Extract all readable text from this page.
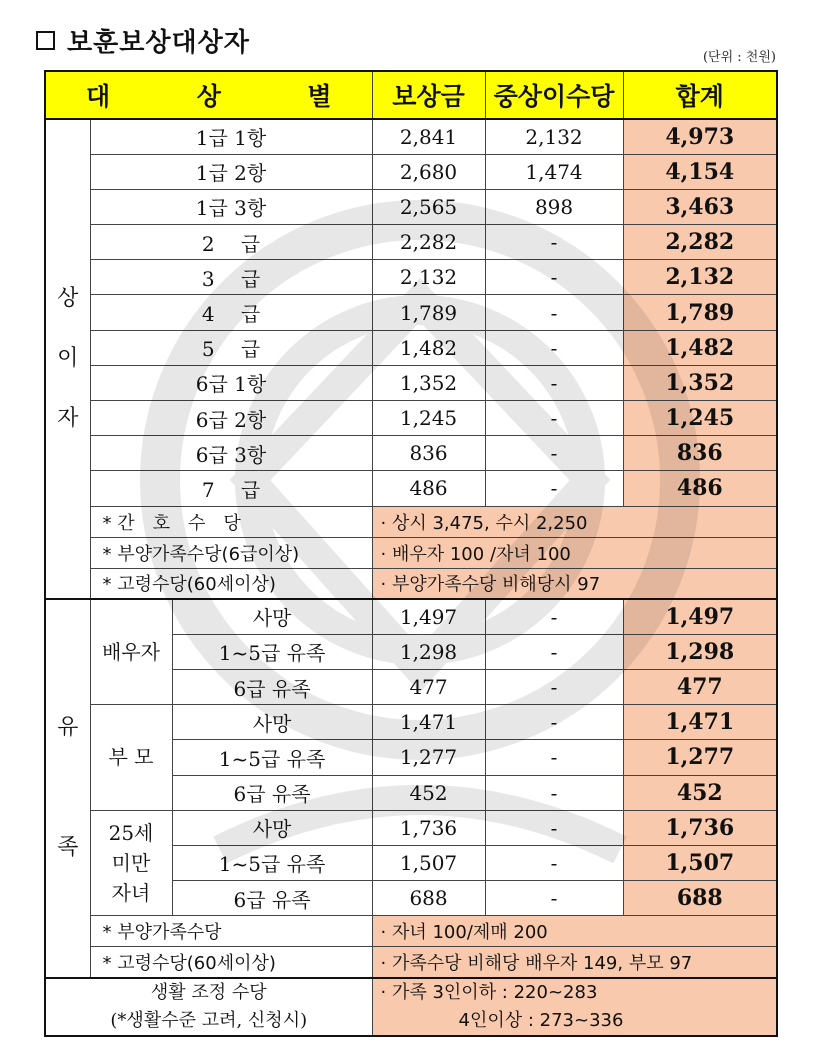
보훈보상대상자	(단위 : 천원)
대 상 별			보상금	중상이수당	합계
상
이
자	1급 1항		2,841	2,132	4,973
	1급 2항		2,680	1,474	4,154
	1급 3항		2,565	898	3,463
	2　 급		2,282	-	2,282
	3　 급		2,132	-	2,132
	4　 급		1,789	-	1,789
	5　 급		1,482	-	1,482
	6급 1항		1,352	-	1,352
	6급 2항		1,245	-	1,245
	6급 3항		836	-	836
	7　 급		486	-	486
	* 간　호　수　당		· 상시 3,475, 수시 2,250		
	* 부양가족수당(6급이상)		· 배우자 100 /자녀 100		
	* 고령수당(60세이상)		· 부양가족수당 비해당시 97		
유
족	배우자	사망	1,497	-	1,497
		1~5급 유족	1,298	-	1,298
		6급 유족	477	-	477
	부 모	사망	1,471	-	1,471
		1~5급 유족	1,277	-	1,277
		6급 유족	452	-	452
	25세
미만
자녀	사망	1,736	-	1,736
		1~5급 유족	1,507	-	1,507
		6급 유족	688	-	688
	* 부양가족수당		· 자녀 100/제매 200		
	* 고령수당(60세이상)		· 가족수당 비해당 배우자 149, 부모 97		
생활 조정 수당
(*생활수준 고려, 신청시)			· 가족 3인이하 : 220~283
4인이상 : 273~336		
